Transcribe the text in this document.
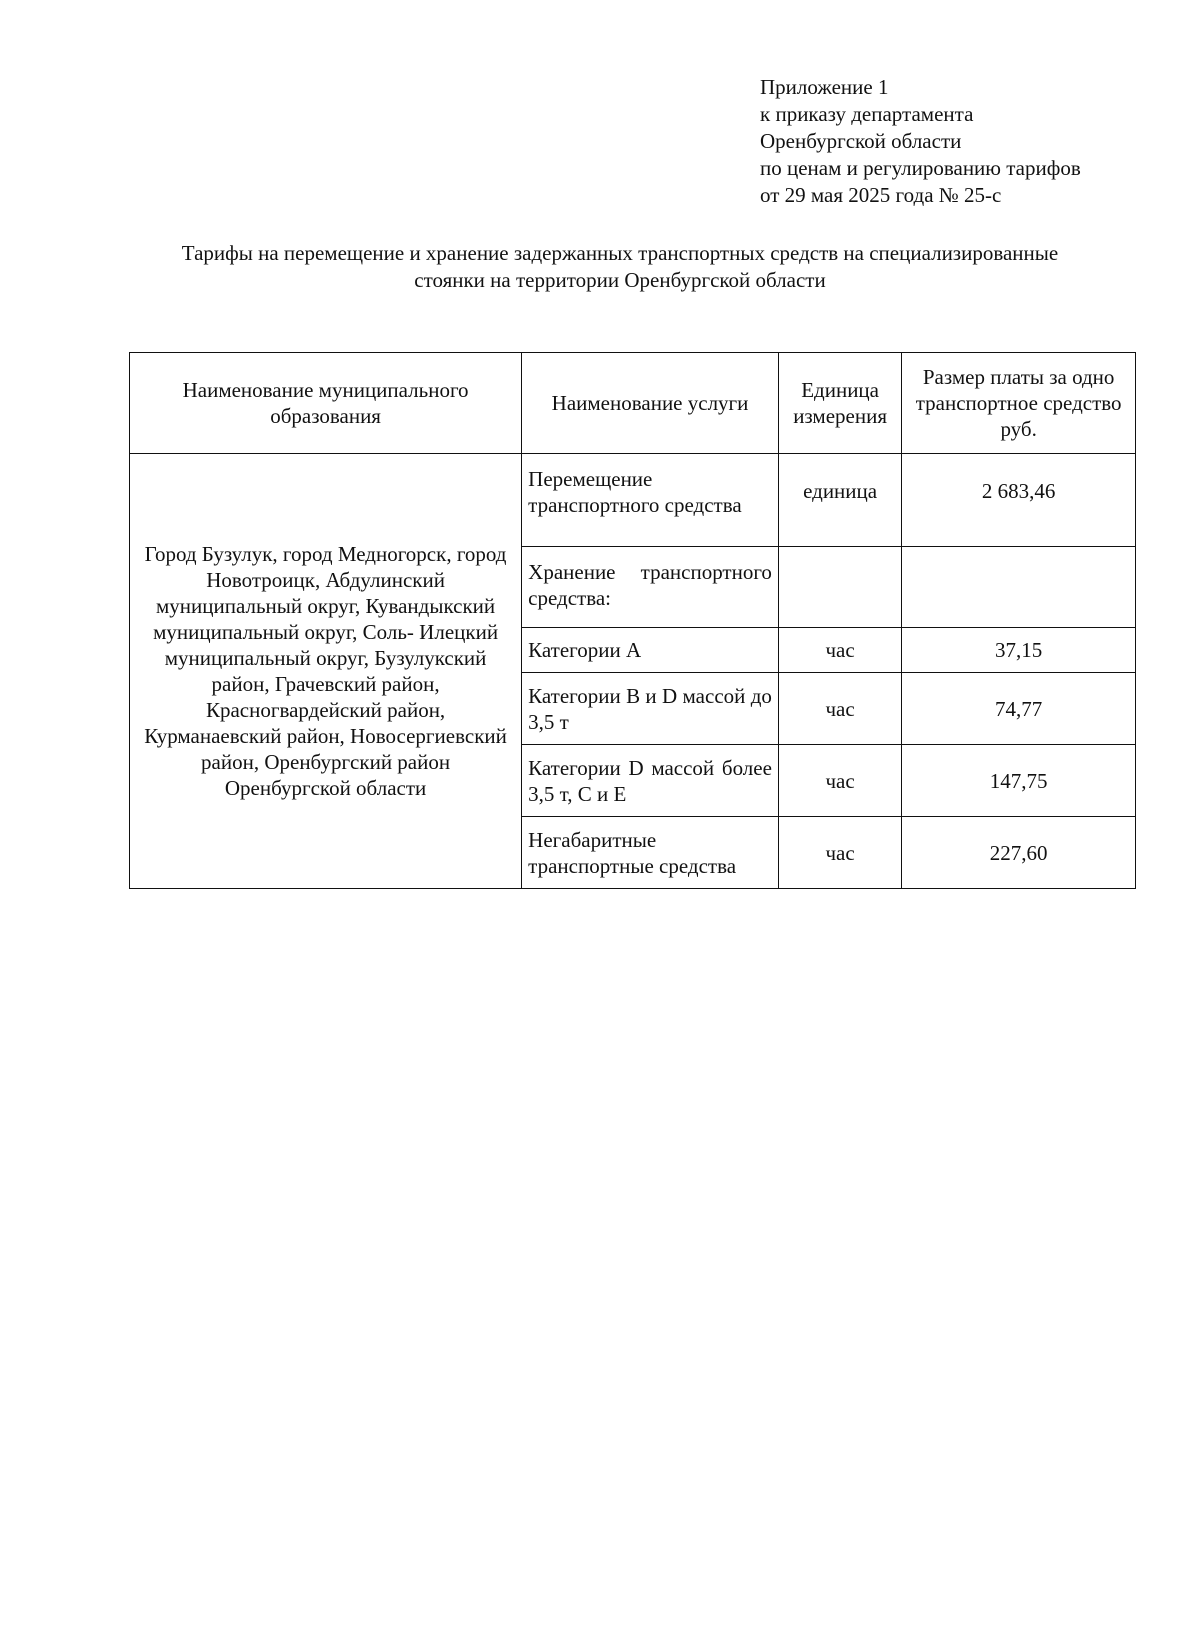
Приложение 1
к приказу департамента
Оренбургской области
по ценам и регулированию тарифов
от 29 мая 2025 года № 25-с
Тарифы на перемещение и хранение задержанных транспортных средств на специализированные
стоянки на территории Оренбургской области
Наименование муниципального образования	Наименование услуги	Единица измерения	Размер платы за одно транспортное средство руб.
Город Бузулук, город Медногорск, город Новотроицк, Абдулинский муниципальный округ, Кувандыкский муниципальный округ, Соль- Илецкий муниципальный округ, Бузулукский район, Грачевский район, Красногвардейский район, Курманаевский район, Новосергиевский район, Оренбургский район Оренбургской области	Перемещение транспортного средства	единица	2 683,46
	Хранение транспортного средства:		
	Категории А	час	37,15
	Категории В и D массой до 3,5 т	час	74,77
	Категории D массой более 3,5 т, С и Е	час	147,75
	Негабаритные транспортные средства	час	227,60
